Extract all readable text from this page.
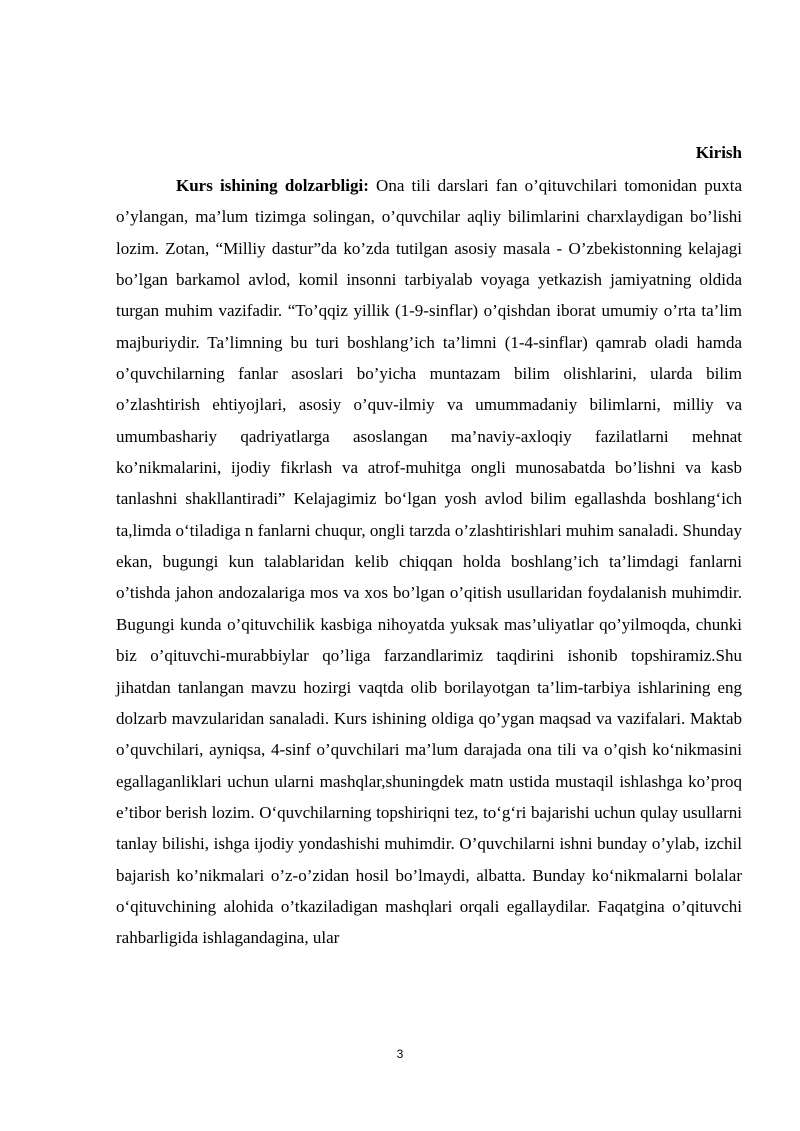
Kirish

Kurs ishining dolzarbligi: Ona tili darslari fan o’qituvchilari tomonidan puxta o’ylangan, ma’lum tizimga solingan, o’quvchilar aqliy bilimlarini charxlaydigan bo’lishi lozim. Zotan, “Milliy dastur”da ko’zda tutilgan asosiy masala - O’zbekistonning kelajagi bo’lgan barkamol avlod, komil insonni tarbiyalab voyaga yetkazish jamiyatning oldida turgan muhim vazifadir. “To’qqiz yillik (1-9-sinflar) o’qishdan iborat umumiy o’rta ta’lim majburiydir. Ta’limning bu turi boshlang’ich ta’limni (1-4-sinflar) qamrab oladi hamda o’quvchilarning fanlar asoslari bo’yicha muntazam bilim olishlarini, ularda bilim o’zlashtirish ehtiyojlari, asosiy o’quv-ilmiy va umummadaniy bilimlarni, milliy va umumbashariy qadriyatlarga asoslangan ma’naviy-axloqiy fazilatlarni mehnat ko’nikmalarini, ijodiy fikrlash va atrof-muhitga ongli munosabatda bo’lishni va kasb tanlashni shakllantiradi” Kelajagimiz bo‘lgan yosh avlod bilim egallashda boshlang‘ich ta,limda o‘tiladiga n fanlarni chuqur, ongli tarzda o’zlashtirishlari muhim sanaladi. Shunday ekan, bugungi kun talablaridan kelib chiqqan holda boshlang’ich ta’limdagi fanlarni o’tishda jahon andozalariga mos va xos bo’lgan o’qitish usullaridan foydalanish muhimdir. Bugungi kunda o’qituvchilik kasbiga nihoyatda yuksak mas’uliyatlar qo’yilmoqda, chunki biz o’qituvchi-murabbiylar qo’liga farzandlarimiz taqdirini ishonib topshiramiz.Shu jihatdan tanlangan mavzu hozirgi vaqtda olib borilayotgan ta’lim-tarbiya ishlarining eng dolzarb mavzularidan sanaladi. Kurs ishining oldiga qo’ygan maqsad va vazifalari. Maktab o’quvchilari, ayniqsa, 4-sinf o’quvchilari ma’lum darajada ona tili va o’qish ko‘nikmasini egallaganliklari uchun ularni mashqlar,shuningdek matn ustida mustaqil ishlashga ko’proq e’tibor berish lozim. O‘quvchilarning topshiriqni tez, to‘g‘ri bajarishi uchun qulay usullarni tanlay bilishi, ishga ijodiy yondashishi muhimdir. O’quvchilarni ishni bunday o’ylab, izchil bajarish ko’nikmalari o’z-o’zidan hosil bo’lmaydi, albatta. Bunday ko‘nikmalarni bolalar o‘qituvchining alohida o’tkaziladigan mashqlari orqali egallaydilar. Faqatgina o’qituvchi rahbarligida ishlagandagina, ular

3
